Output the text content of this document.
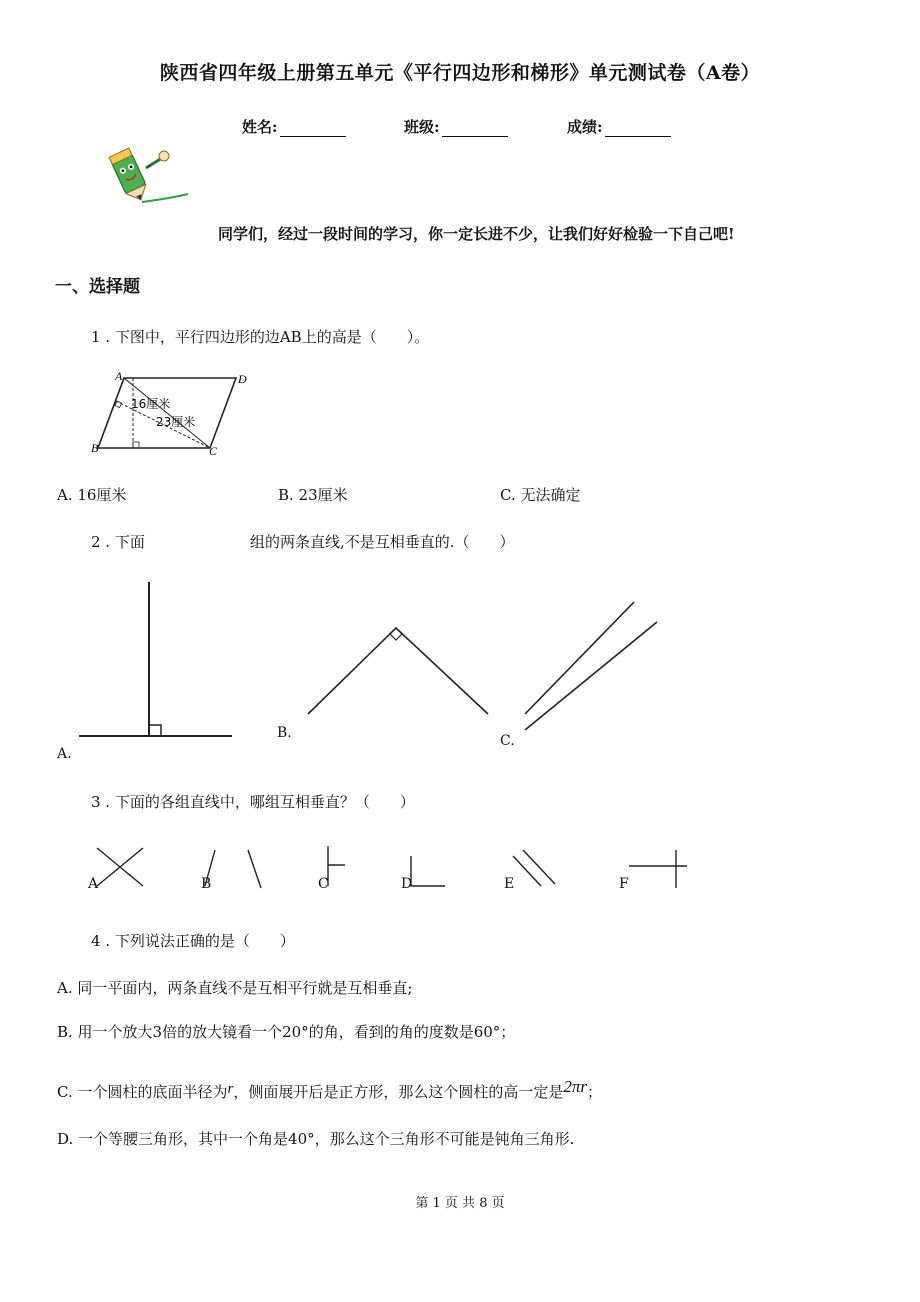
陕西省四年级上册第五单元《平行四边形和梯形》单元测试卷（A卷）
姓名:	班级:	成绩:
同学们，经过一段时间的学习，你一定长进不少，让我们好好检验一下自己吧!
一、选择题
1 . 下图中，平行四边形的边AB上的高是（　　）。
A	D
B	C
16厘米
23厘米
A. 16厘米	B. 23厘米	C. 无法确定
2 . 下面	组的两条直线,不是互相垂直的.（　　）
A.
B.	C.
3 . 下面的各组直线中，哪组互相垂直？（　　）
A	B	C	D	E	F
4 . 下列说法正确的是（　　）
A. 同一平面内，两条直线不是互相平行就是互相垂直;
B. 用一个放大3倍的放大镜看一个20°的角，看到的角的度数是60°；
C. 一个圆柱的底面半径为r，侧面展开后是正方形，那么这个圆柱的高一定是2πr；
D. 一个等腰三角形，其中一个角是40°，那么这个三角形不可能是钝角三角形.
第 1 页 共 8 页
